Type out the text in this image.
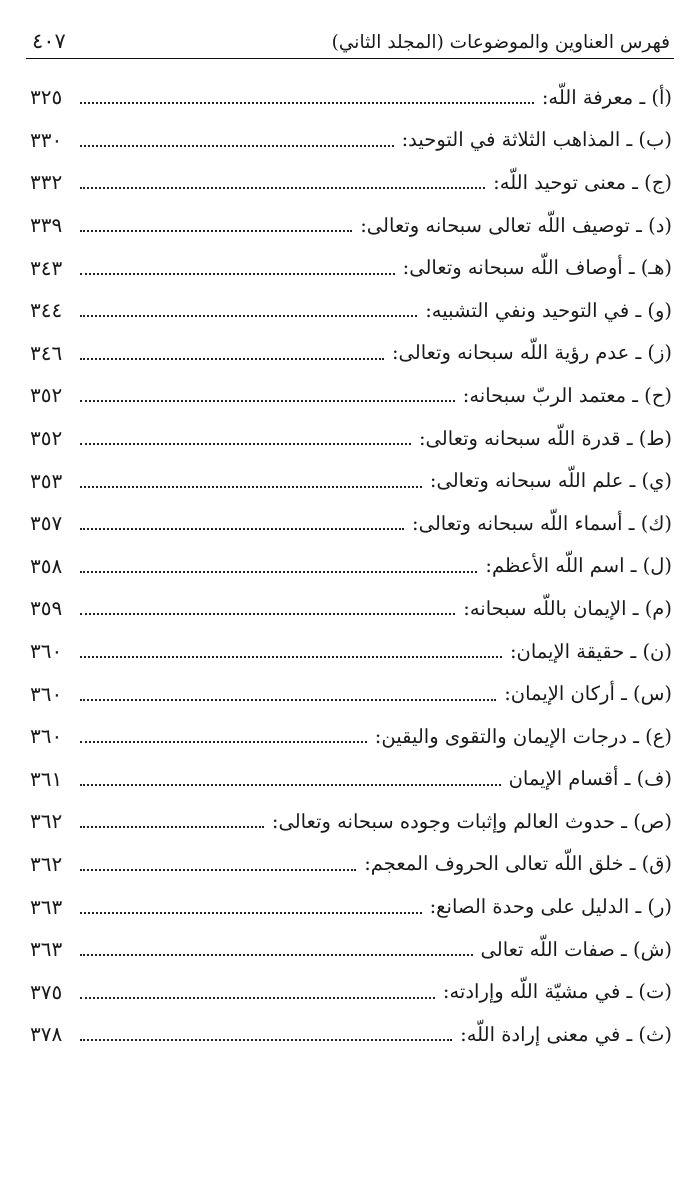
٤٠٧	فهرس العناوين والموضوعات (المجلد الثاني)
(أ) ـ معرفة اللّه:
٣٢٥
(ب) ـ المذاهب الثلاثة في التوحيد:
٣٣٠
(ج) ـ معنى توحيد اللّه:
٣٣٢
(د) ـ توصيف اللّه تعالى سبحانه وتعالى:
٣٣٩
(هـ) ـ أوصاف اللّه سبحانه وتعالى:
٣٤٣
(و) ـ في التوحيد ونفي التشبيه:
٣٤٤
(ز) ـ عدم رؤية اللّه سبحانه وتعالى:
٣٤٦
(ح) ـ معتمد الربّ سبحانه:
٣٥٢
(ط) ـ قدرة اللّه سبحانه وتعالى:
٣٥٢
(ي) ـ علم اللّه سبحانه وتعالى:
٣٥٣
(ك) ـ أسماء اللّه سبحانه وتعالى:
٣٥٧
(ل) ـ اسم اللّه الأعظم:
٣٥٨
(م) ـ الإيمان باللّه سبحانه:
٣٥٩
(ن) ـ حقيقة الإيمان:
٣٦٠
(س) ـ أركان الإيمان:
٣٦٠
(ع) ـ درجات الإيمان والتقوى واليقين:
٣٦٠
(ف) ـ أقسام الإيمان
٣٦١
(ص) ـ حدوث العالم وإثبات وجوده سبحانه وتعالى:
٣٦٢
(ق) ـ خلق اللّه تعالى الحروف المعجم:
٣٦٢
(ر) ـ الدليل على وحدة الصانع:
٣٦٣
(ش) ـ صفات اللّه تعالى
٣٦٣
(ت) ـ في مشيّة اللّه وإرادته:
٣٧٥
(ث) ـ في معنى إرادة اللّه:
٣٧٨
